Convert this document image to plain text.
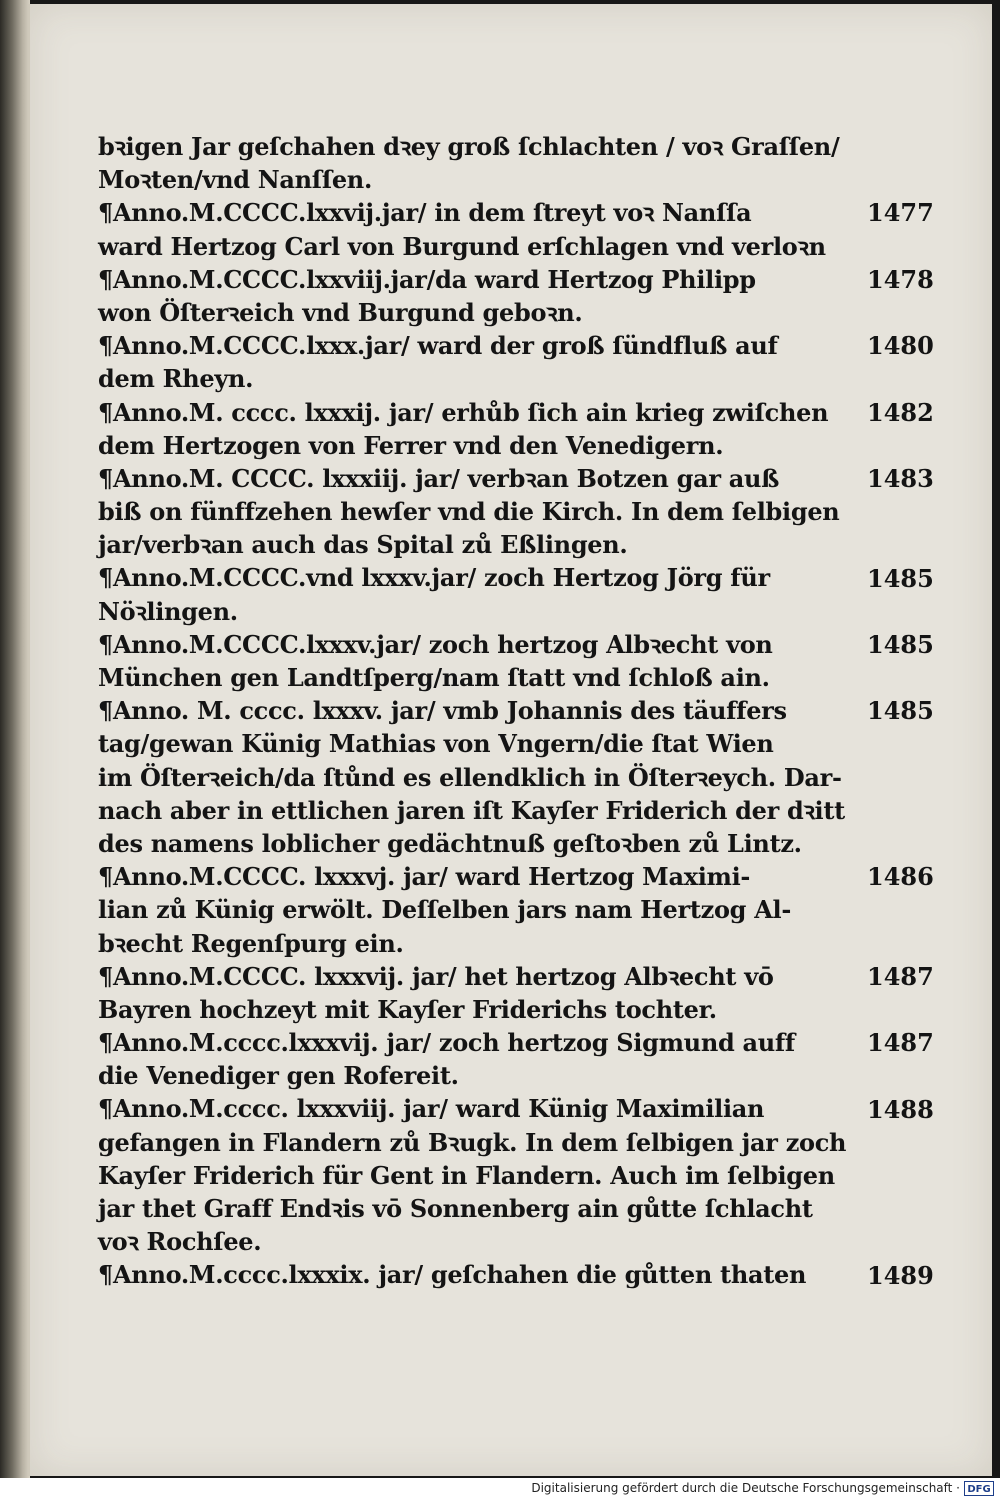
bꝛigen Jar geſchahen dꝛey groß ſchlachten / voꝛ Graſſen/
Moꝛten/vnd Nanſſen.
¶Anno.M.CCCC.lxxvij.jar/ in dem ſtreyt voꝛ Nanſſa
ward Hertzog Carl von Burgund erſchlagen vnd verloꝛn
¶Anno.M.CCCC.lxxviij.jar/da ward Hertzog Philipp
won Öſterꝛeich vnd Burgund geboꝛn.
¶Anno.M.CCCC.lxxx.jar/ ward der groß ſündfluß auf
dem Rheyn.
¶Anno.M. cccc. lxxxij. jar/ erhůb ſich ain krieg zwiſchen
dem Hertzogen von Ferrer vnd den Venedigern.
¶Anno.M. CCCC. lxxxiij. jar/ verbꝛan Botzen gar auß
biß on fünffzehen hewſer vnd die Kirch. In dem ſelbigen
jar/verbꝛan auch das Spital zů Eßlingen.
¶Anno.M.CCCC.vnd lxxxv.jar/ zoch Hertzog Jörg für
Nöꝛlingen.
¶Anno.M.CCCC.lxxxv.jar/ zoch hertzog Albꝛecht von
München gen Landtſperg/nam ſtatt vnd ſchloß ain.
¶Anno. M. cccc. lxxxv. jar/ vmb Johannis des täuffers
tag/gewan Künig Mathias von Vngern/die ſtat Wien
im Öſterꝛeich/da ſtůnd es ellendklich in Öſterꝛeych. Dar-
nach aber in ettlichen jaren iſt Kayſer Friderich der dꝛitt
des namens loblicher gedächtnuß geſtoꝛben zů Lintz.
¶Anno.M.CCCC. lxxxvj. jar/ ward Hertzog Maximi-
lian zů Künig erwölt. Deſſelben jars nam Hertzog Al-
bꝛecht Regenſpurg ein.
¶Anno.M.CCCC. lxxxvij. jar/ het hertzog Albꝛecht vō
Bayren hochzeyt mit Kayſer Friderichs tochter.
¶Anno.M.cccc.lxxxvij. jar/ zoch hertzog Sigmund auff
die Venediger gen Rofereit.
¶Anno.M.cccc. lxxxviij. jar/ ward Künig Maximilian
gefangen in Flandern zů Bꝛugk. In dem ſelbigen jar zoch
Kayſer Friderich für Gent in Flandern. Auch im ſelbigen
jar thet Graff Endꝛis vō Sonnenberg ain gůtte ſchlacht
voꝛ Rochſee.
¶Anno.M.cccc.lxxxix. jar/ geſchahen die gůtten thaten
1477
1478
1480
1482
1483
1485
1485
1485
1486
1487
1487
1488
1489
Digitalisierung gefördert durch die Deutsche Forschungsgemeinschaft · DFG
